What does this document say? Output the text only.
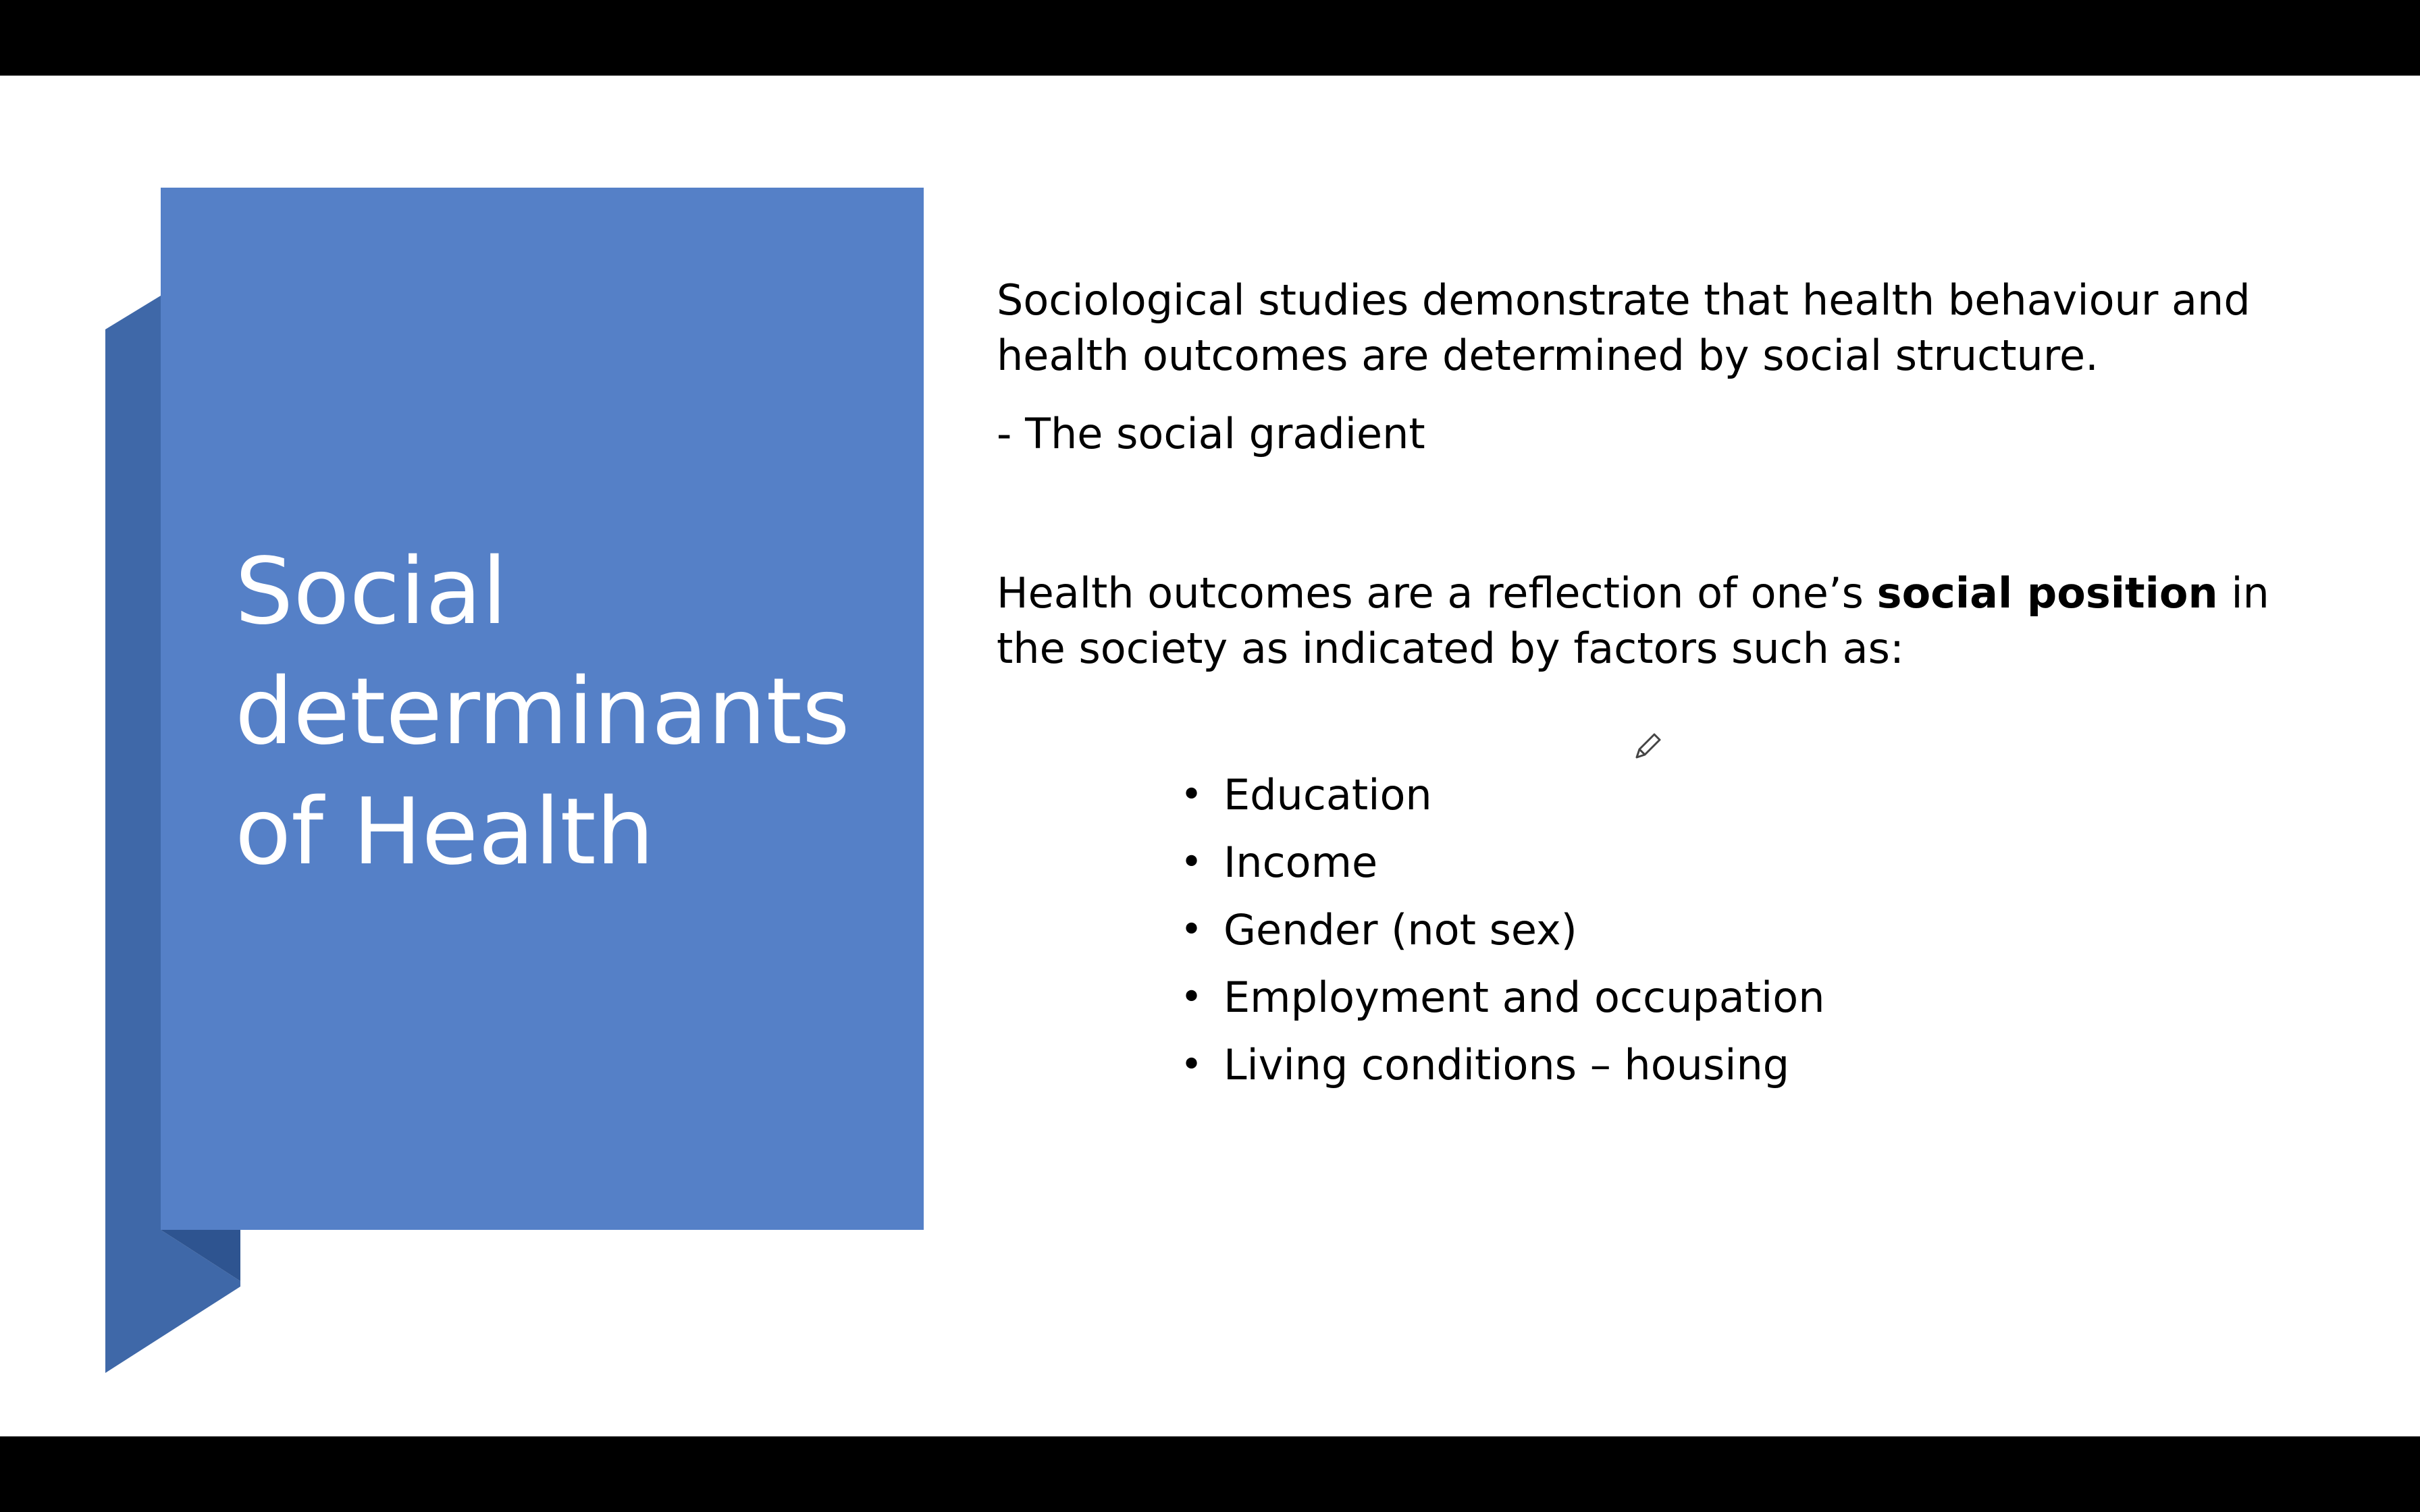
Social
determinants
of Health

Sociological studies demonstrate that health behaviour and health outcomes are determined by social structure.

- The social gradient

Health outcomes are a reflection of one’s social position in the society as indicated by factors such as:

• Education
• Income
• Gender (not sex)
• Employment and occupation
• Living conditions – housing
